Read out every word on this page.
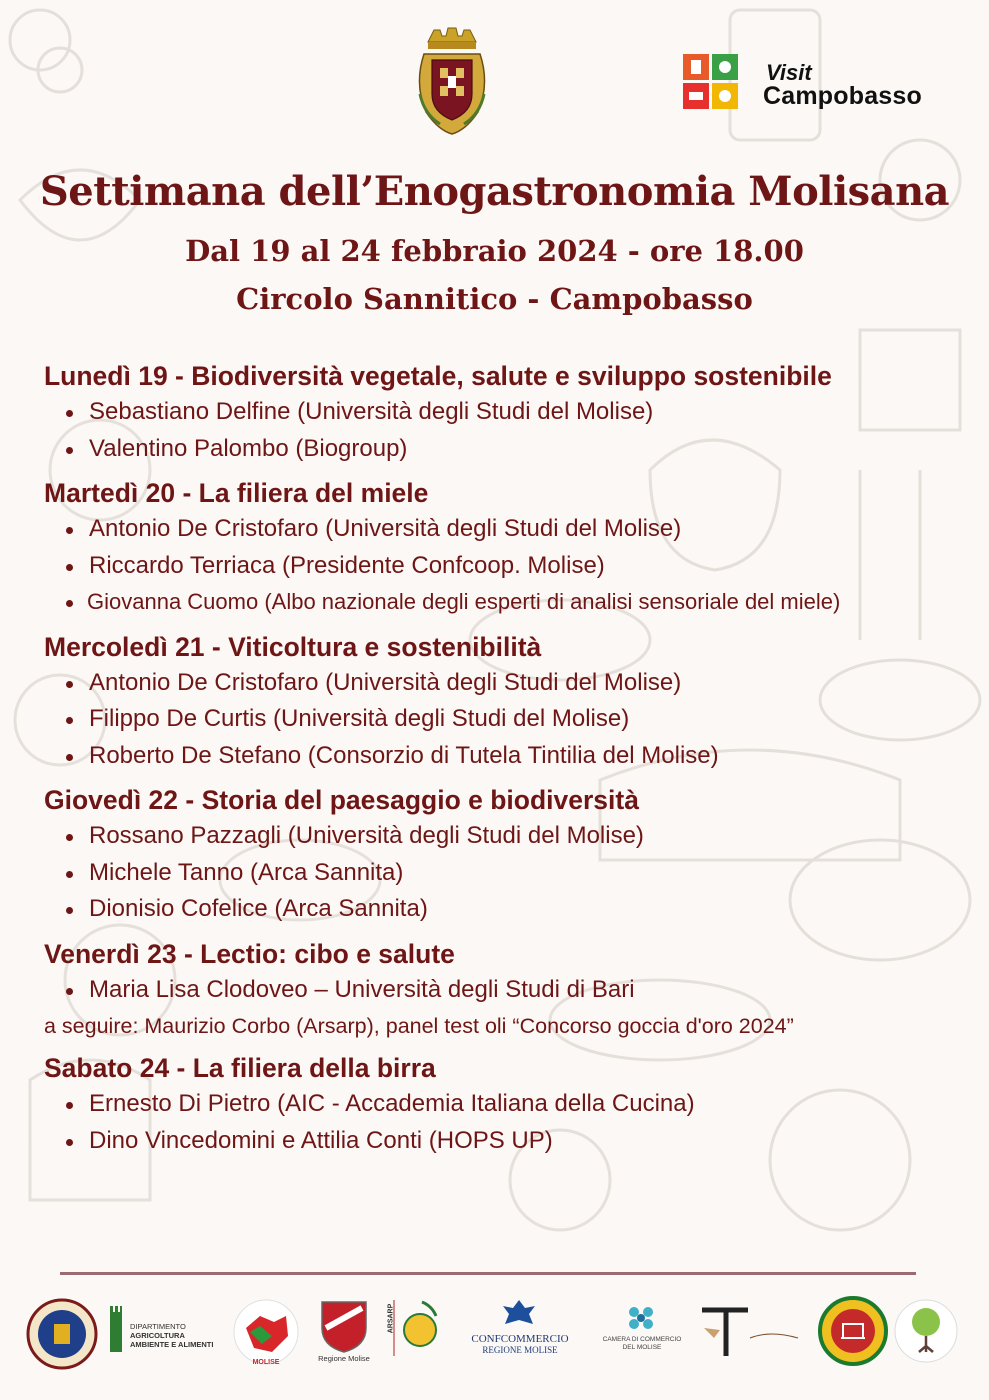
Visit
Campobasso
Settimana dell’Enogastronomia Molisana

Dal 19 al 24 febbraio 2024 - ore 18.00

Circolo Sannitico - Campobasso

Lunedì 19 - Biodiversità vegetale, salute e sviluppo sostenibile

Sebastiano Delfine (Università degli Studi del Molise)
Valentino Palombo (Biogroup)

Martedì 20 - La filiera del miele

Antonio De Cristofaro (Università degli Studi del Molise)
Riccardo Terriaca (Presidente Confcoop. Molise)
Giovanna Cuomo (Albo nazionale degli esperti di analisi sensoriale del miele)

Mercoledì 21 - Viticoltura e sostenibilità

Antonio De Cristofaro (Università degli Studi del Molise)
Filippo De Curtis (Università degli Studi del Molise)
Roberto De Stefano (Consorzio di Tutela Tintilia del Molise)

Giovedì 22 - Storia del paesaggio e biodiversità

Rossano Pazzagli (Università degli Studi del Molise)
Michele Tanno (Arca Sannita)
Dionisio Cofelice (Arca Sannita)

Venerdì 23 - Lectio: cibo e salute

Maria Lisa Clodoveo – Università degli Studi di Bari

a seguire: Maurizio Corbo (Arsarp), panel test oli “Concorso goccia d'oro 2024”

Sabato 24 - La filiera della birra

Ernesto Di Pietro (AIC - Accademia Italiana della Cucina)
Dino Vincedomini e Attilia Conti (HOPS UP)
DIPARTIMENTO
AGRICOLTURA
AMBIENTE E ALIMENTI
MOLISE	Regione Molise
ARSARP
CONFCOMMERCIO
REGIONE MOLISE
CAMERA DI COMMERCIO
DEL MOLISE
